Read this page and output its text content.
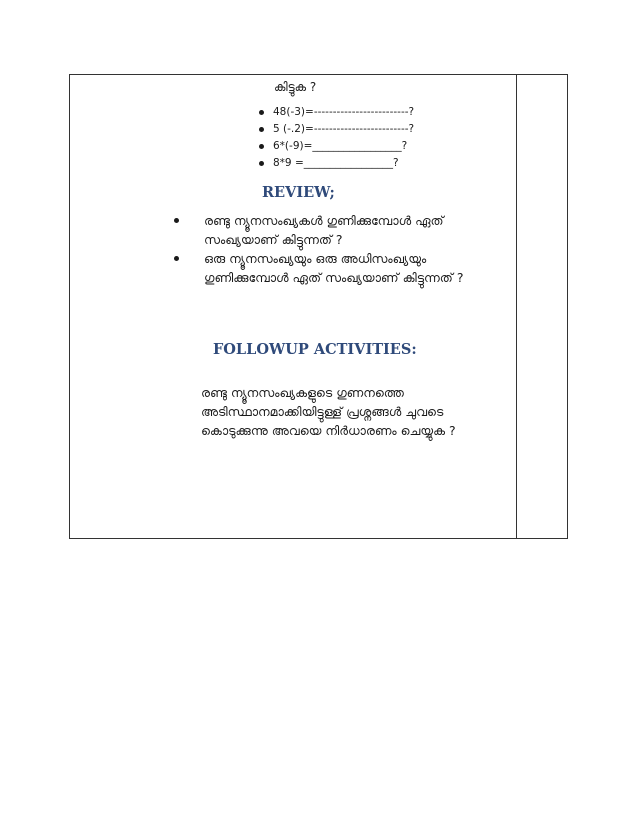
കിട്ടുക ?
48(-3)=-------------------------?
5 (-.2)=-------------------------?
6*(-9)=_________________?
8*9 =_________________?
REVIEW;
രണ്ടു ന്യൂനസംഖ്യകൾ ഗുണിക്കുമ്പോൾ ഏത്
സംഖ്യയാണ് കിട്ടുന്നത് ?
ഒരു ന്യൂനസംഖ്യയും ഒരു അധിസംഖ്യയും
ഗുണിക്കുമ്പോൾ ഏത് സംഖ്യയാണ് കിട്ടുന്നത് ?
FOLLOWUP ACTIVITIES:
രണ്ടു ന്യൂനസംഖ്യകളുടെ ഗുണനത്തെ
അടിസ്ഥാനമാക്കിയിട്ടുള്ള് പ്രശ്നങ്ങൾ ചുവടെ
കൊടുക്കുന്നു അവയെ നിർധാരണം ചെയ്യുക ?
